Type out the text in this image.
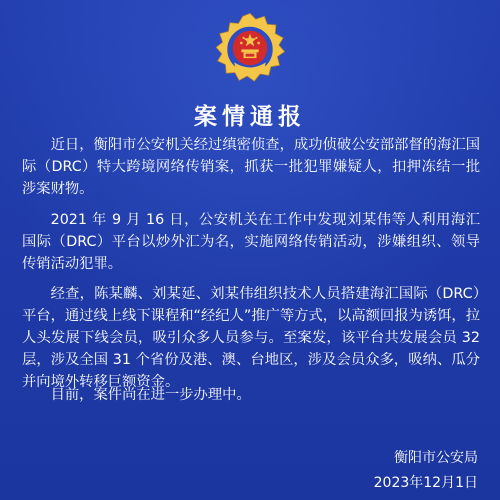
案情通报

近日，衡阳市公安机关经过缜密侦查，成功侦破公安部部督的海汇国际（DRC）特大跨境网络传销案，抓获一批犯罪嫌疑人，扣押冻结一批涉案财物。

2021 年 9 月 16 日，公安机关在工作中发现刘某伟等人利用海汇国际（DRC）平台以炒外汇为名，实施网络传销活动，涉嫌组织、领导传销活动犯罪。

经查，陈某麟、刘某延、刘某伟组织技术人员搭建海汇国际（DRC）平台，通过线上线下课程和“经纪人”推广等方式，以高额回报为诱饵，拉人头发展下线会员，吸引众多人员参与。至案发，该平台共发展会员 32 层，涉及全国 31 个省份及港、澳、台地区，涉及会员众多，吸纳、瓜分并向境外转移巨额资金。

目前，案件尚在进一步办理中。

衡阳市公安局
2023年12月1日
